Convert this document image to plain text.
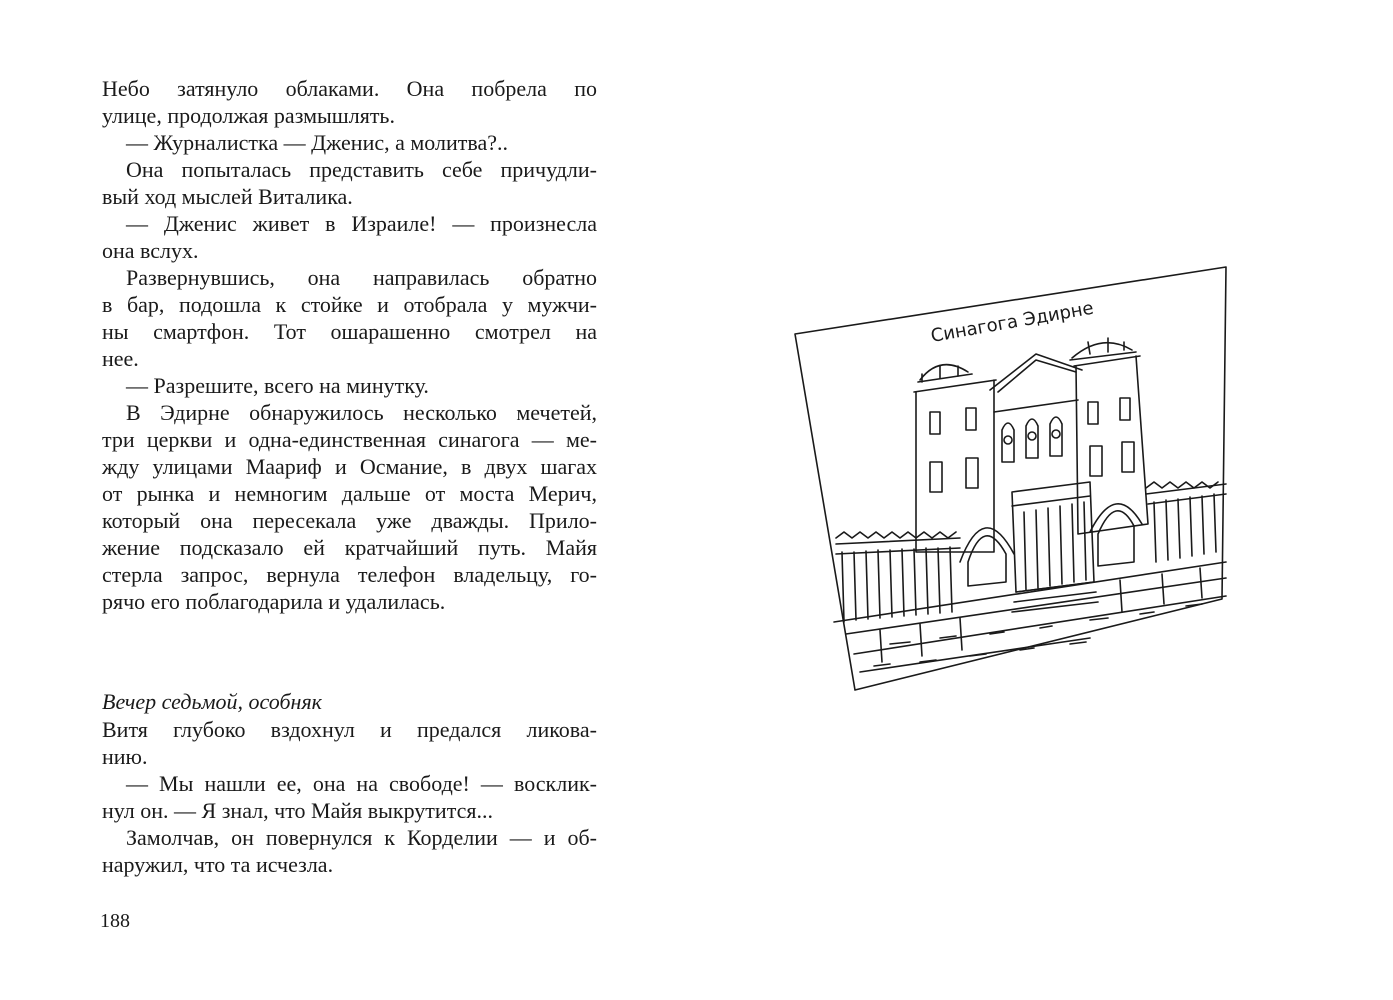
Небо затянуло облаками. Она побрела по
улице, продолжая размышлять.
— Журналистка — Дженис, а молитва?..
Она попыталась представить себе причудли-
вый ход мыслей Виталика.
— Дженис живет в Израиле! — произнесла
она вслух.
Развернувшись, она направилась обратно
в бар, подошла к стойке и отобрала у мужчи-
ны смартфон. Тот ошарашенно смотрел на
нее.
— Разрешите, всего на минутку.
В Эдирне обнаружилось несколько мечетей,
три церкви и одна-единственная синагога — ме-
жду улицами Маариф и Османие, в двух шагах
от рынка и немногим дальше от моста Мерич,
который она пересекала уже дважды. Прило-
жение подсказало ей кратчайший путь. Майя
стерла запрос, вернула телефон владельцу, го-
рячо его поблагодарила и удалилась.
Вечер седьмой, особняк
Витя глубоко вздохнул и предался ликова-
нию.
— Мы нашли ее, она на свободе! — восклик-
нул он. — Я знал, что Майя выкрутится...
Замолчав, он повернулся к Корделии — и об-
наружил, что та исчезла.
188
Синагога Эдирне
